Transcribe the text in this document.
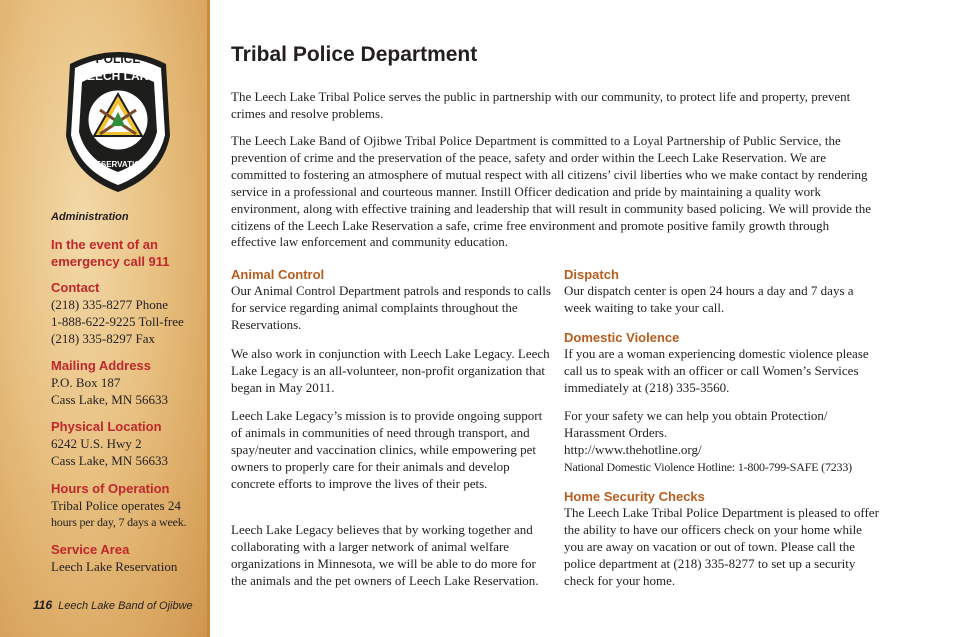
POLICE
LEECH LAKE
RESERVATION
Administration
In the event of an emergency call 911
Contact
(218) 335-8277 Phone
1-888-622-9225 Toll-free
(218) 335-8297 Fax
Mailing Address
P.O. Box 187
Cass Lake, MN 56633
Physical Location
6242 U.S. Hwy 2
Cass Lake, MN 56633
Hours of Operation
Tribal Police operates 24
hours per day, 7 days a week.
Service Area
Leech Lake Reservation
116 Leech Lake Band of Ojibwe
Tribal Police Department

The Leech Lake Tribal Police serves the public in partnership with our community, to protect life and property, prevent crimes and resolve problems.

The Leech Lake Band of Ojibwe Tribal Police Department is committed to a Loyal Partnership of Public Service, the prevention of crime and the preservation of the peace, safety and order within the Leech Lake Reservation. We are committed to fostering an atmosphere of mutual respect with all citizens’ civil liberties who we make contact by rendering service in a professional and courteous manner. Instill Officer dedication and pride by maintaining a quality work environment, along with effective training and leadership that will result in community based policing. We will provide the citizens of the Leech Lake Reservation a safe, crime free environment and promote positive family growth through effective law enforcement and community education.

Animal Control

Our Animal Control Department patrols and responds to calls for service regarding animal complaints throughout the Reservations.

We also work in conjunction with Leech Lake Legacy. Leech Lake Legacy is an all-volunteer, non-profit organization that began in May 2011.

Leech Lake Legacy’s mission is to provide ongoing support of animals in communities of need through transport, and spay/neuter and vaccination clinics, while empowering pet owners to properly care for their animals and develop concrete efforts to improve the lives of their pets.

Leech Lake Legacy believes that by working together and collaborating with a larger network of animal welfare organizations in Minnesota, we will be able to do more for the animals and the pet owners of Leech Lake Reservation.

Dispatch

Our dispatch center is open 24 hours a day and 7 days a week waiting to take your call.

Domestic Violence

If you are a woman experiencing domestic violence please call us to speak with an officer or call Women’s Services immediately at (218) 335-3560.

For your safety we can help you obtain Protection/ Harassment Orders.

http://www.thehotline.org/
National Domestic Violence Hotline: 1-800-799-SAFE (7233)
Home Security Checks

The Leech Lake Tribal Police Department is pleased to offer the ability to have our officers check on your home while you are away on vacation or out of town. Please call the police department at (218) 335-8277 to set up a security check for your home.
